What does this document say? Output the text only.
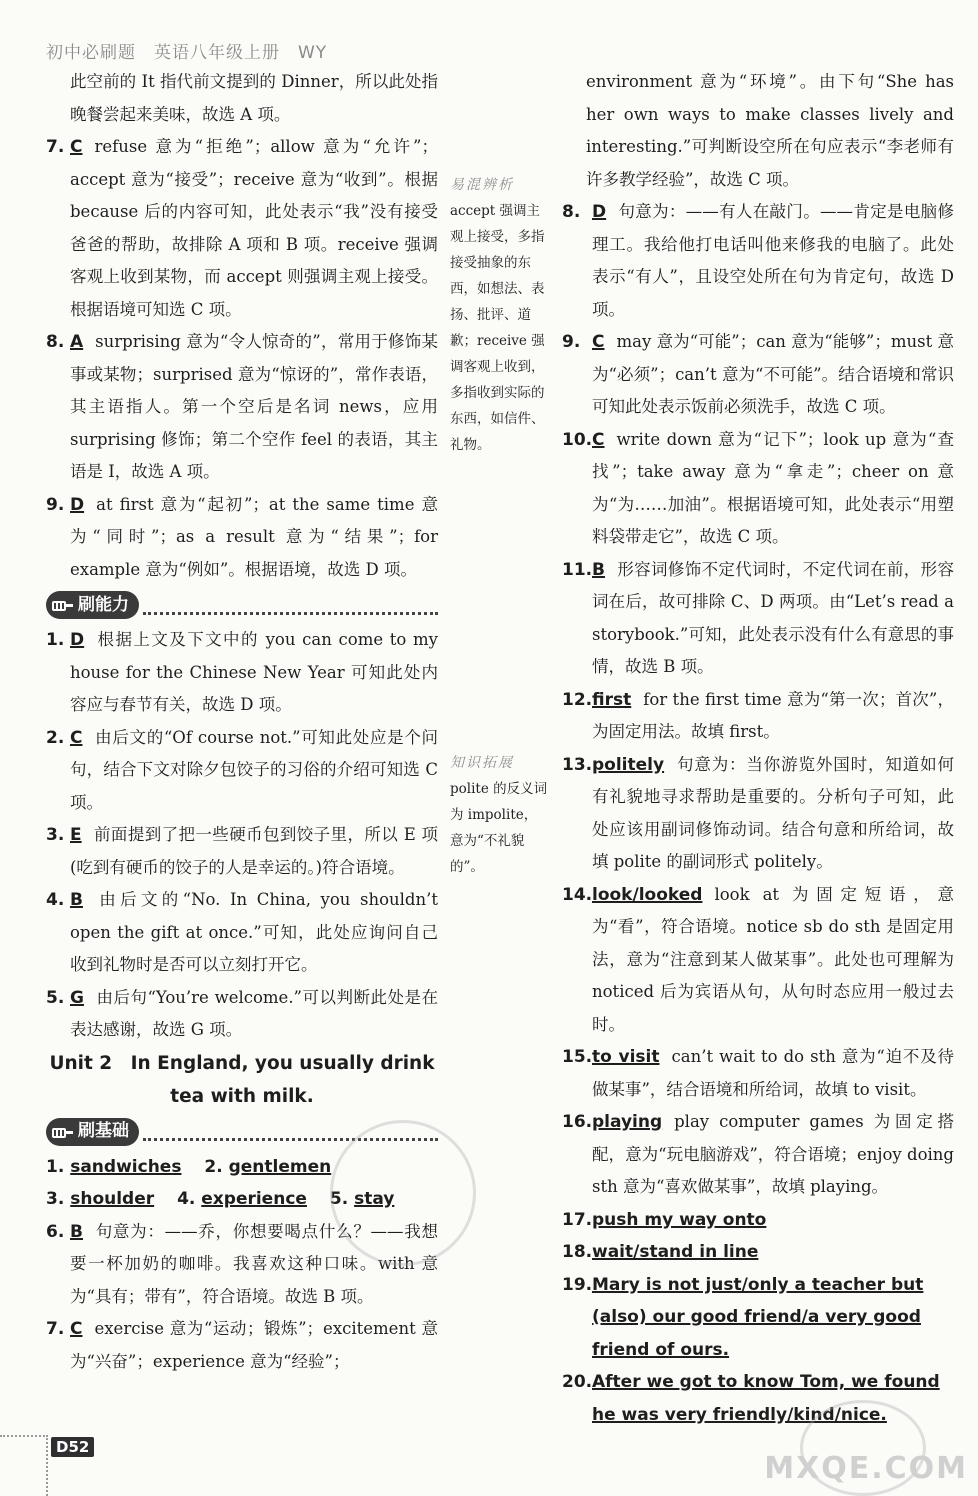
初中必刷题　英语八年级上册　WY

此空前的 It 指代前文提到的 Dinner，所以此处指晚餐尝起来美味，故选 A 项。

7. C refuse 意为“拒绝”；allow 意为“允许”；accept 意为“接受”；receive 意为“收到”。根据 because 后的内容可知，此处表示“我”没有接受爸爸的帮助，故排除 A 项和 B 项。receive 强调客观上收到某物，而 accept 则强调主观上接受。根据语境可知选 C 项。

8. A surprising 意为“令人惊奇的”，常用于修饰某事或某物；surprised 意为“惊讶的”，常作表语，其主语指人。第一个空后是名词 news，应用 surprising 修饰；第二个空作 feel 的表语，其主语是 I，故选 A 项。

9. D at first 意为“起初”；at the same time 意为“同时”；as a result 意为“结果”；for example 意为“例如”。根据语境，故选 D 项。

刷能力

1. D 根据上文及下文中的 you can come to my house for the Chinese New Year 可知此处内容应与春节有关，故选 D 项。

2. C 由后文的“Of course not.”可知此处应是个问句，结合下文对除夕包饺子的习俗的介绍可知选 C 项。

3. E 前面提到了把一些硬币包到饺子里，所以 E 项(吃到有硬币的饺子的人是幸运的。)符合语境。

4. B 由后文的“No. In China, you shouldn’t open the gift at once.”可知，此处应询问自己收到礼物时是否可以立刻打开它。

5. G 由后句“You’re welcome.”可以判断此处是在表达感谢，故选 G 项。

Unit 2　In England, you usually drink
tea with milk.
刷基础
1. sandwiches　 2. gentlemen
3. shoulder　 4. experience　 5. stay

6. B 句意为：——乔，你想要喝点什么？——我想要一杯加奶的咖啡。我喜欢这种口味。with 意为“具有；带有”，符合语境。故选 B 项。

7. C exercise 意为“运动；锻炼”；excitement 意为“兴奋”；experience 意为“经验”；

易混辨析
accept 强调主观上接受，多指接受抽象的东西，如想法、表扬、批评、道歉；receive 强调客观上收到，多指收到实际的东西，如信件、礼物。
知识拓展
polite 的反义词为 impolite，意为“不礼貌的”。

environment 意为“环境”。由下句“She has her own ways to make classes lively and interesting.”可判断设空所在句应表示“李老师有许多教学经验”，故选 C 项。

8. D 句意为：——有人在敲门。——肯定是电脑修理工。我给他打电话叫他来修我的电脑了。此处表示“有人”，且设空处所在句为肯定句，故选 D 项。

9. C may 意为“可能”；can 意为“能够”；must 意为“必须”；can’t 意为“不可能”。结合语境和常识可知此处表示饭前必须洗手，故选 C 项。

10. C write down 意为“记下”；look up 意为“查找”；take away 意为“拿走”；cheer on 意为“为……加油”。根据语境可知，此处表示“用塑料袋带走它”，故选 C 项。

11. B 形容词修饰不定代词时，不定代词在前，形容词在后，故可排除 C、D 两项。由“Let’s read a storybook.”可知，此处表示没有什么有意思的事情，故选 B 项。

12. first for the first time 意为“第一次；首次”，为固定用法。故填 first。

13. politely 句意为：当你游览外国时，知道如何有礼貌地寻求帮助是重要的。分析句子可知，此处应该用副词修饰动词。结合句意和所给词，故填 polite 的副词形式 politely。

14. look/looked look at 为固定短语，意为“看”，符合语境。notice sb do sth 是固定用法，意为“注意到某人做某事”。此处也可理解为 noticed 后为宾语从句，从句时态应用一般过去时。

15. to visit can’t wait to do sth 意为“迫不及待做某事”，结合语境和所给词，故填 to visit。

16. playing play computer games 为固定搭配，意为“玩电脑游戏”，符合语境；enjoy doing sth 意为“喜欢做某事”，故填 playing。

17. push my way onto

18. wait/stand in line

19. Mary is not just/only a teacher but (also) our good friend/a very good friend of ours.

20. After we got to know Tom, we found he was very friendly/kind/nice.

D52
MXQE.COM
